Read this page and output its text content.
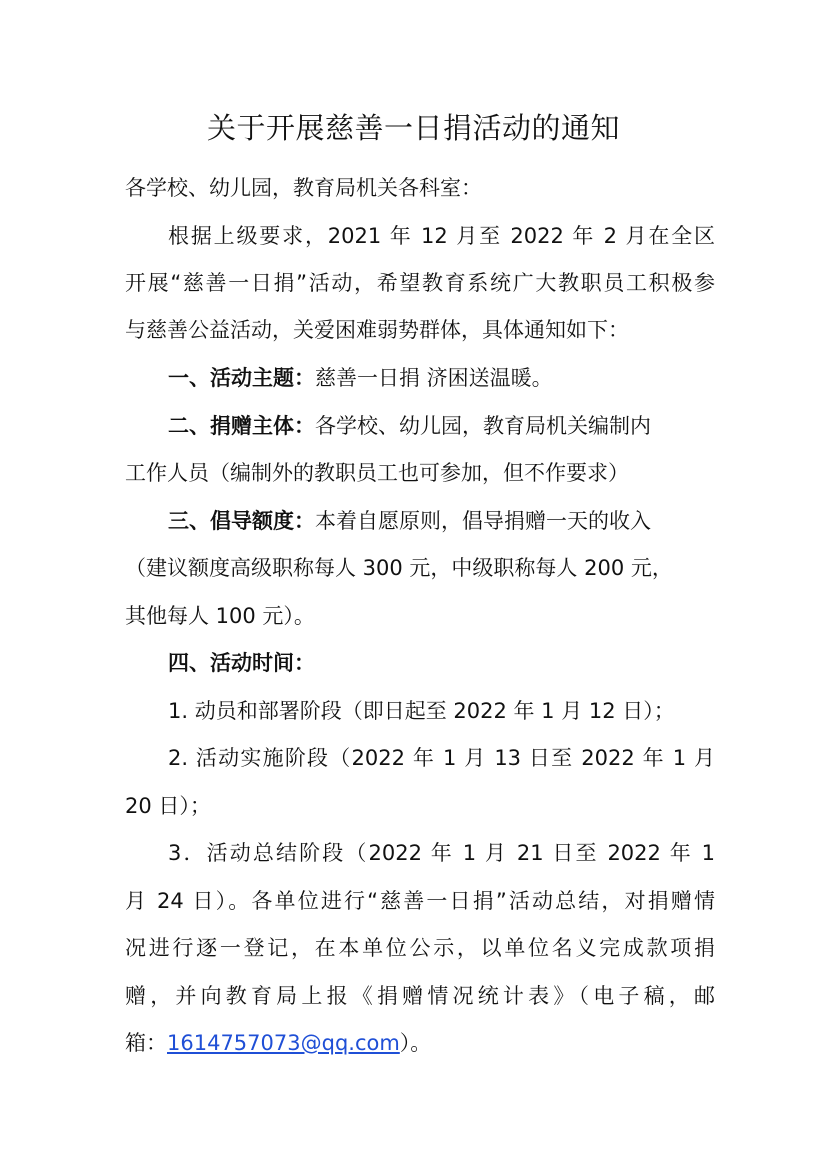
关于开展慈善一日捐活动的通知

各学校、幼儿园，教育局机关各科室：

根据上级要求，2021 年 12 月至 2022 年 2 月在全区

开展“慈善一日捐”活动，希望教育系统广大教职员工积极参

与慈善公益活动，关爱困难弱势群体，具体通知如下：

一、活动主题：慈善一日捐 济困送温暖。

二、捐赠主体：各学校、幼儿园，教育局机关编制内

工作人员（编制外的教职员工也可参加，但不作要求）

三、倡导额度：本着自愿原则，倡导捐赠一天的收入

（建议额度高级职称每人 300 元，中级职称每人 200 元，

其他每人 100 元）。

四、活动时间：

1. 动员和部署阶段（即日起至 2022 年 1 月 12 日）；

2. 活动实施阶段（2022 年 1 月 13 日至 2022 年 1 月

20 日）；

3．活动总结阶段（2022 年 1 月 21 日至 2022 年 1

月 24 日）。各单位进行“慈善一日捐”活动总结，对捐赠情

况进行逐一登记，在本单位公示，以单位名义完成款项捐

赠，并向教育局上报《捐赠情况统计表》（电子稿，邮

箱：1614757073@qq.com）。
